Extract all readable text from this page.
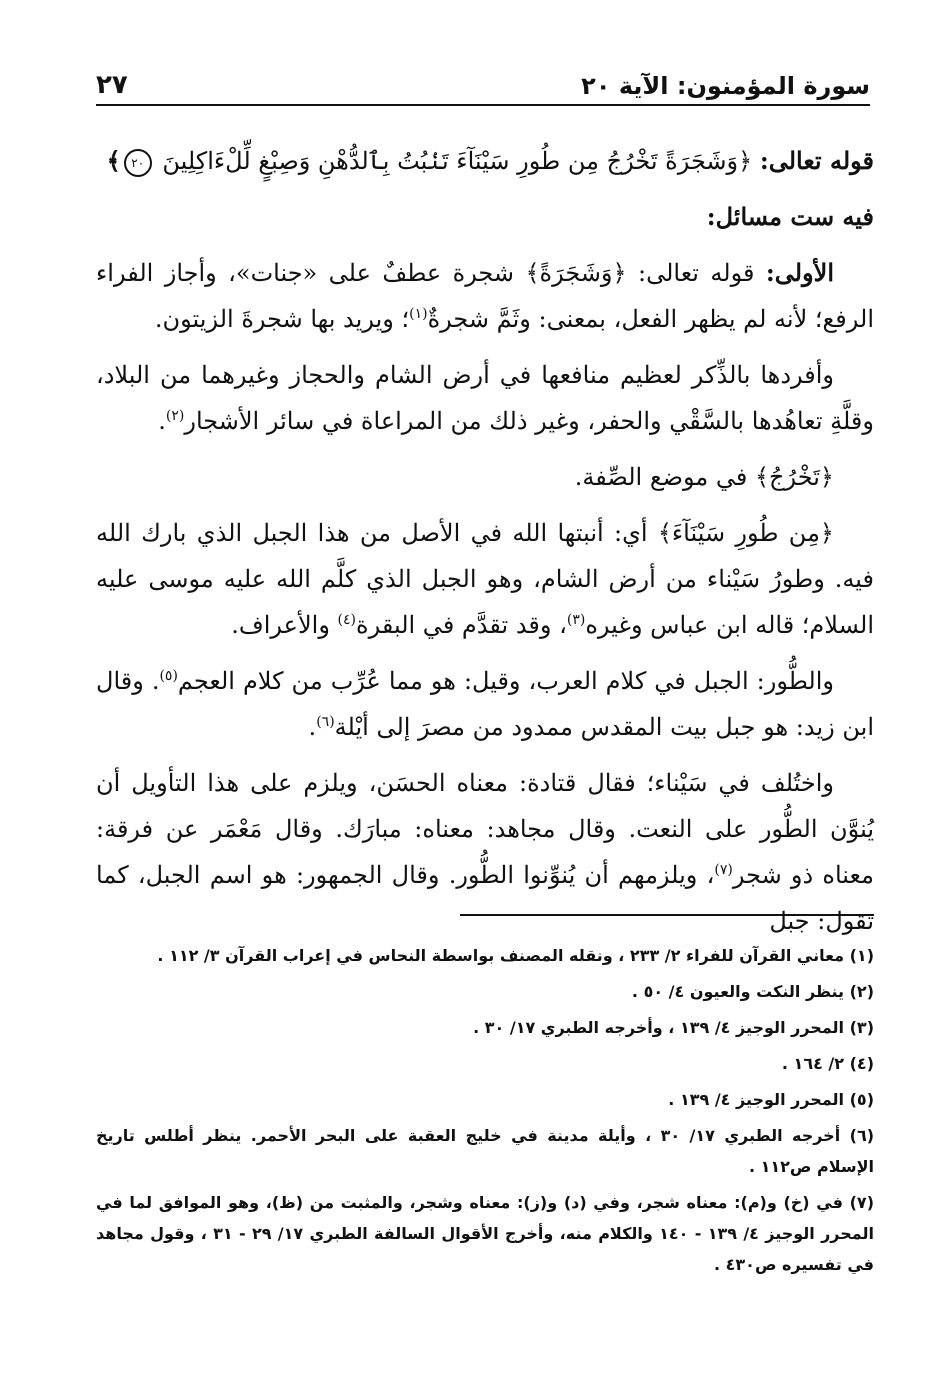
سورة المؤمنون: الآية ٢٠
٢٧

قوله تعالى: ﴿وَشَجَرَةً تَخْرُجُ مِن طُورِ سَيْنَآءَ تَنۢبُتُ بِٱلدُّهْنِ وَصِبْغٍ لِّلْءَاكِلِينَ ٢٠﴾

فيه ست مسائل:

الأولى: قوله تعالى: ﴿وَشَجَرَةً﴾ شجرة عطفٌ على «جنات»، وأجاز الفراء الرفع؛ لأنه لم يظهر الفعل، بمعنى: وثَمَّ شجرةٌ$^{(١)}$؛ ويريد بها شجرةَ الزيتون.

وأفردها بالذِّكر لعظيم منافعها في أرض الشام والحجاز وغيرهما من البلاد، وقلَّةِ تعاهُدها بالسَّقْي والحفر، وغير ذلك من المراعاة في سائر الأشجار$^{(٢)}$.

﴿تَخْرُجُ﴾ في موضع الصِّفة.

﴿مِن طُورِ سَيْنَآءَ﴾ أي: أنبتها الله في الأصل من هذا الجبل الذي بارك الله فيه. وطورُ سَيْناء من أرض الشام، وهو الجبل الذي كلَّم الله عليه موسى عليه السلام؛ قاله ابن عباس وغيره$^{(٣)}$، وقد تقدَّم في البقرة$^{(٤)}$ والأعراف.

والطُّور: الجبل في كلام العرب، وقيل: هو مما عُرِّب من كلام العجم$^{(٥)}$. وقال ابن زيد: هو جبل بيت المقدس ممدود من مصرَ إلى أيْلة$^{(٦)}$.

واختُلف في سَيْناء؛ فقال قتادة: معناه الحسَن، ويلزم على هذا التأويل أن يُنوَّن الطُّور على النعت. وقال مجاهد: معناه: مبارَك. وقال مَعْمَر عن فرقة: معناه ذو شجر$^{(٧)}$، ويلزمهم أن يُنوِّنوا الطُّور. وقال الجمهور: هو اسم الجبل، كما تقول: جبل

(١) معاني القرآن للفراء ٢/ ٢٣٣ ، ونقله المصنف بواسطة النحاس في إعراب القرآن ٣/ ١١٢ .

(٢) ينظر النكت والعيون ٤/ ٥٠ .

(٣) المحرر الوجيز ٤/ ١٣٩ ، وأخرجه الطبري ١٧/ ٣٠ .

(٤) ٢/ ١٦٤ .

(٥) المحرر الوجيز ٤/ ١٣٩ .

(٦) أخرجه الطبري ١٧/ ٣٠ ، وأيلة مدينة في خليج العقبة على البحر الأحمر. ينظر أطلس تاريخ الإسلام ص١١٢ .

(٧) في (خ) و(م): معناه شجر، وفي (د) و(ز): معناه وشجر، والمثبت من (ظ)، وهو الموافق لما في المحرر الوجيز ٤/ ١٣٩ - ١٤٠ والكلام منه، وأخرج الأقوال السالفة الطبري ١٧/ ٢٩ - ٣١ ، وقول مجاهد في تفسيره ص٤٣٠ .
